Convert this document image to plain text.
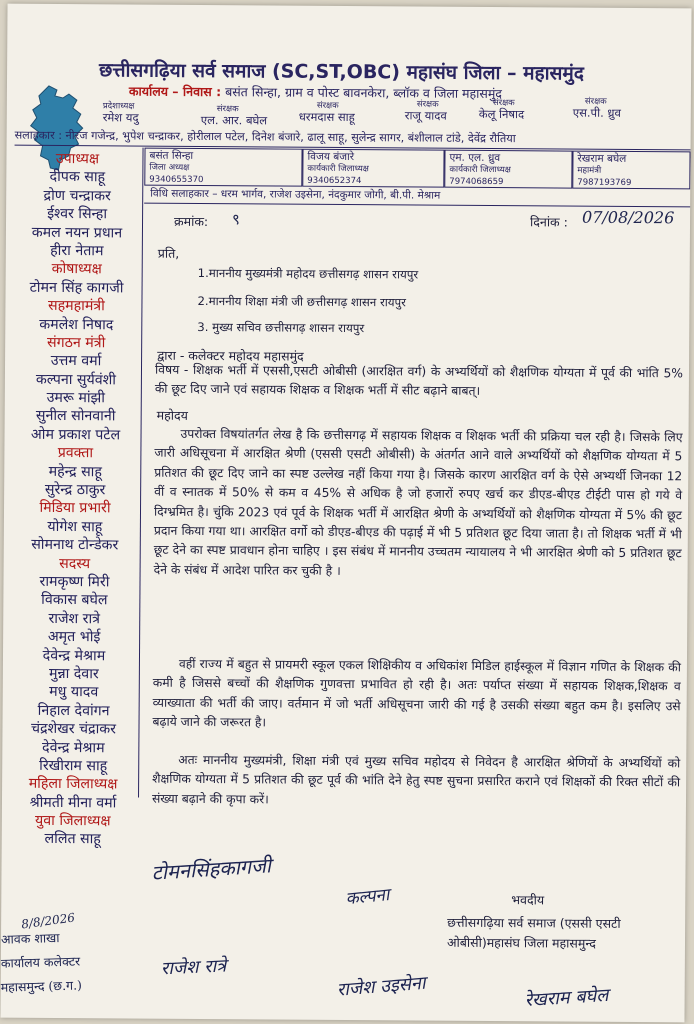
छत्तीसगढ़िया सर्व समाज (SC,ST,OBC) महासंघ जिला – महासमुंद
कार्यालय – निवास : बसंत सिन्हा, ग्राम व पोस्ट बावनकेरा, ब्लॉक व जिला महासमुंद
प्रदेशाध्यक्ष
रमेश यदु
संरक्षक
एल. आर. बघेल
संरक्षक
धरमदास साहू
संरक्षक
राजू यादव
संरक्षक
केलू निषाद
संरक्षक
एस.पी. ध्रुव
सलाहकार : नीरज गजेन्द्र, भुपेश चन्द्राकर, होरीलाल पटेल, दिनेश बंजारे, ढालू साहू, सुलेन्द्र सागर, बंशीलाल टांडे, देवेंद्र रौतिया
बसंत सिन्हा
जिला अध्यक्ष
9340655370
विजय बंजारे
कार्यकारी जिलाध्यक्ष
9340652374
एम. एल. ध्रुव
कार्यकारी जिलाध्यक्ष
7974068659
रेखराम बघेल
महामंत्री
7987193769
विधि सलाहकार – धरम भार्गव, राजेश उइसेना, नंदकुमार जोगी, बी.पी. मेश्राम
उपाध्यक्ष
दीपक साहू
द्रोण चन्द्राकर
ईश्वर सिन्हा
कमल नयन प्रधान
हीरा नेताम
कोषाध्यक्ष
टोमन सिंह कागजी
सहमहामंत्री
कमलेश निषाद
संगठन मंत्री
उत्तम वर्मा
कल्पना सुर्यवंशी
उमरू मांझी
सुनील सोनवानी
ओम प्रकाश पटेल
प्रवक्ता
महेन्द्र साहू
सुरेन्द्र ठाकुर
मिडिया प्रभारी
योगेश साहू
सोमनाथ टोन्डेकर
सदस्य
रामकृष्ण मिरी
विकास बघेल
राजेश रात्रे
अमृत भोई
देवेन्द्र मेश्राम
मुन्ना देवार
मधु यादव
निहाल देवांगन
चंद्रशेखर चंद्राकर
देवेन्द्र मेश्राम
रिखीराम साहू
महिला जिलाध्यक्ष
श्रीमती मीना वर्मा
युवा जिलाध्यक्ष
ललित साहू
क्रमांक: ९	दिनांक : 07/08/2026
प्रति,
1.माननीय मुख्यमंत्री महोदय छत्तीसगढ़ शासन रायपुर
2.माननीय शिक्षा मंत्री जी छत्तीसगढ़ शासन रायपुर
3. मुख्य सचिव छत्तीसगढ़ शासन रायपुर
द्वारा - कलेक्टर महोदय महासमुंद
विषय - शिक्षक भर्ती में एससी,एसटी ओबीसी (आरक्षित वर्ग) के अभ्यर्थियों को शैक्षणिक योग्यता में पूर्व की भांति 5% की छूट दिए जाने एवं सहायक शिक्षक व शिक्षक भर्ती में सीट बढ़ाने बाबत्।
महोदय
उपरोक्त विषयांतर्गत लेख है कि छत्तीसगढ़ में सहायक शिक्षक व शिक्षक भर्ती की प्रक्रिया चल रही है। जिसके लिए जारी अधिसूचना में आरक्षित श्रेणी (एससी एसटी ओबीसी) के अंतर्गत आने वाले अभ्यर्थियों को शैक्षणिक योग्यता में 5 प्रतिशत की छूट दिए जाने का स्पष्ट उल्लेख नहीं किया गया है। जिसके कारण आरक्षित वर्ग के ऐसे अभ्यर्थी जिनका 12 वीं व स्नातक में 50% से कम व 45% से अधिक है जो हजारों रुपए खर्च कर डीएड-बीएड टीईटी पास हो गये वे दिग्भ्रमित है। चुंकि 2023 एवं पूर्व के शिक्षक भर्ती में आरक्षित श्रेणी के अभ्यर्थियों को शैक्षणिक योग्यता में 5% की छूट प्रदान किया गया था। आरक्षित वर्गो को डीएड-बीएड की पढ़ाई में भी 5 प्रतिशत छूट दिया जाता है। तो शिक्षक भर्ती में भी छूट देने का स्पष्ट प्रावधान होना चाहिए । इस संबंध में माननीय उच्चतम न्यायालय ने भी आरक्षित श्रेणी को 5 प्रतिशत छूट देने के संबंध में आदेश पारित कर चुकी है ।
वहीं राज्य में बहुत से प्रायमरी स्कूल एकल शिक्षिकीय व अधिकांश मिडिल हाईस्कूल में विज्ञान गणित के शिक्षक की कमी है जिससे बच्चों की शैक्षणिक गुणवत्ता प्रभावित हो रही है। अतः पर्याप्त संख्या में सहायक शिक्षक,शिक्षक व व्याख्याता की भर्ती की जाए। वर्तमान में जो भर्ती अधिसूचना जारी की गई है उसकी संख्या बहुत कम है। इसलिए उसे बढ़ाये जाने की जरूरत है।
अतः माननीय मुख्यमंत्री, शिक्षा मंत्री एवं मुख्य सचिव महोदय से निवेदन है आरक्षित श्रेणियों के अभ्यर्थियों को शैक्षणिक योग्यता में 5 प्रतिशत की छूट पूर्व की भांति देने हेतु स्पष्ट सुचना प्रसारित कराने एवं शिक्षकों की रिक्त सीटों की संख्या बढ़ाने की कृपा करें।
भवदीय
छत्तीसगढ़िया सर्व समाज (एससी एसटी ओबीसी)महासंघ जिला महासमुन्द
टोमनसिंहकागजी
कल्पना
राजेश रात्रे
राजेश उइसेना	रेखराम बघेल
आवक शाखा
कार्यालय कलेक्टर
महासमुन्द (छ.ग.)
8/8/2026
